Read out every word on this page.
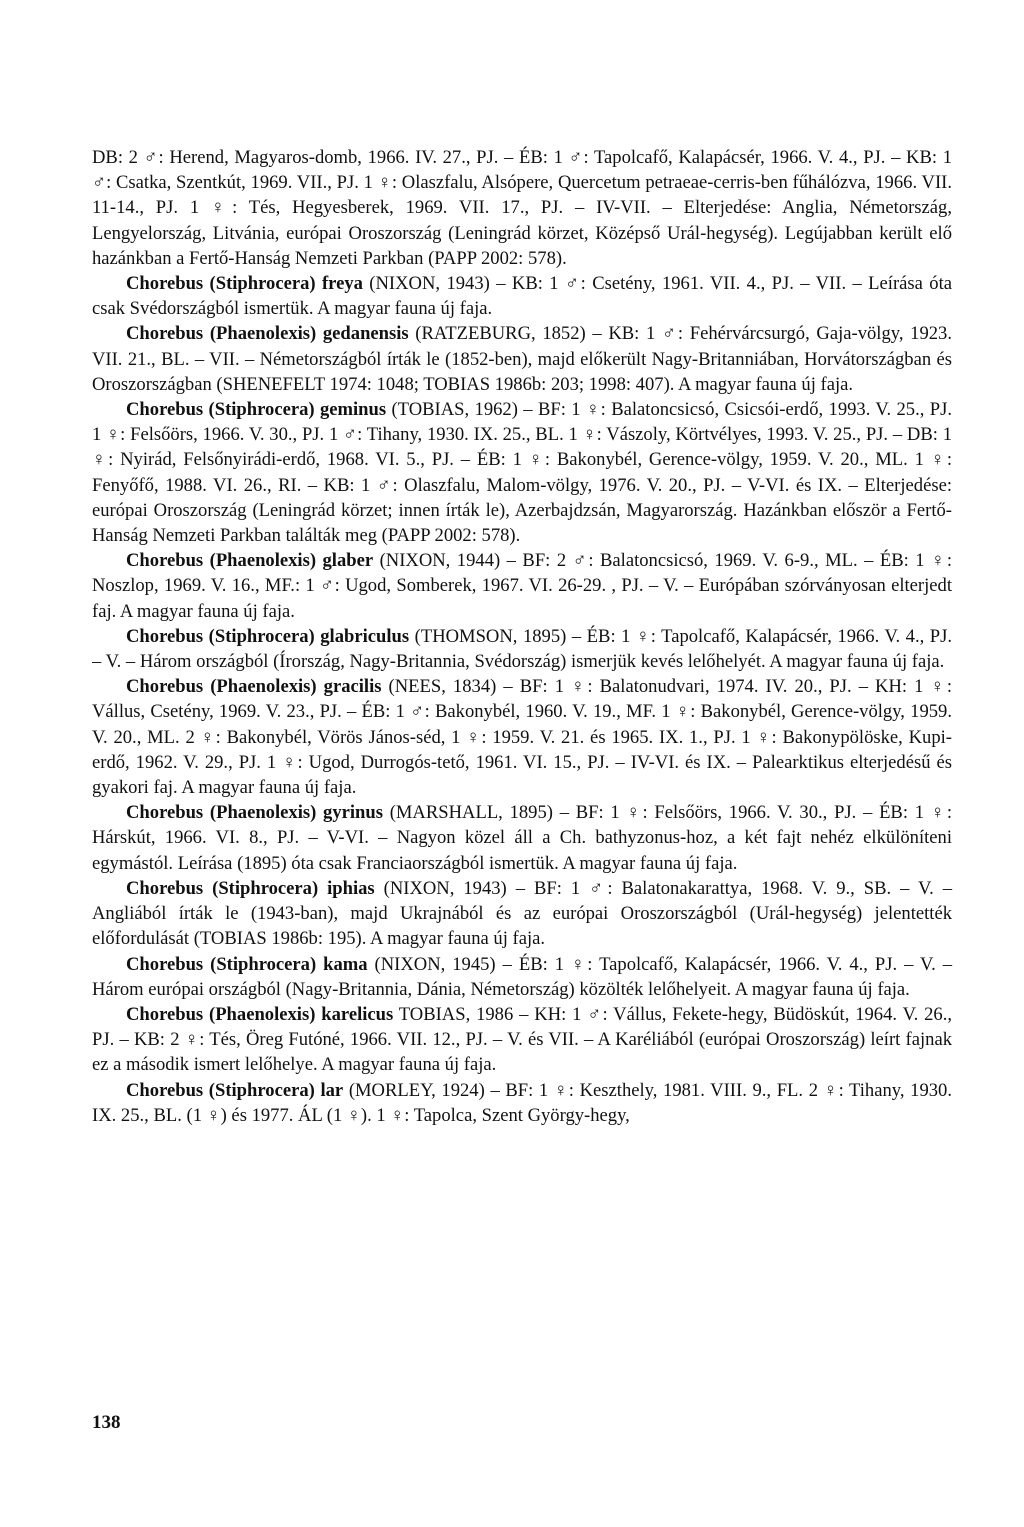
DB: 2 ♂: Herend, Magyaros-domb, 1966. IV. 27., PJ. – ÉB: 1 ♂: Tapolcafő, Kalapácsér, 1966. V. 4., PJ. – KB: 1 ♂: Csatka, Szentkút, 1969. VII., PJ. 1 ♀: Olaszfalu, Alsópere, Quercetum petraeae-cerris-ben fűhálózva, 1966. VII. 11-14., PJ. 1 ♀: Tés, Hegyesberek, 1969. VII. 17., PJ. – IV-VII. – Elterjedése: Anglia, Németország, Lengyelország, Litvánia, európai Oroszország (Leningrád körzet, Középső Urál-hegység). Legújabban került elő hazánkban a Fertő-Hanság Nemzeti Parkban (PAPP 2002: 578).

Chorebus (Stiphrocera) freya (NIXON, 1943) – KB: 1 ♂: Csetény, 1961. VII. 4., PJ. – VII. – Leírása óta csak Svédországból ismertük. A magyar fauna új faja.

Chorebus (Phaenolexis) gedanensis (RATZEBURG, 1852) – KB: 1 ♂: Fehérvárcsurgó, Gaja-völgy, 1923. VII. 21., BL. – VII. – Németországból írták le (1852-ben), majd előkerült Nagy-Britanniában, Horvátországban és Oroszországban (SHENEFELT 1974: 1048; TOBIAS 1986b: 203; 1998: 407). A magyar fauna új faja.

Chorebus (Stiphrocera) geminus (TOBIAS, 1962) – BF: 1 ♀: Balatoncsicsó, Csicsói-erdő, 1993. V. 25., PJ. 1 ♀: Felsőörs, 1966. V. 30., PJ. 1 ♂: Tihany, 1930. IX. 25., BL. 1 ♀: Vászoly, Körtvélyes, 1993. V. 25., PJ. – DB: 1 ♀: Nyirád, Felsőnyirádi-erdő, 1968. VI. 5., PJ. – ÉB: 1 ♀: Bakonybél, Gerence-völgy, 1959. V. 20., ML. 1 ♀: Fenyőfő, 1988. VI. 26., RI. – KB: 1 ♂: Olaszfalu, Malom-völgy, 1976. V. 20., PJ. – V-VI. és IX. – Elterjedése: európai Oroszország (Leningrád körzet; innen írták le), Azerbajdzsán, Magyarország. Hazánkban először a Fertő-Hanság Nemzeti Parkban találták meg (PAPP 2002: 578).

Chorebus (Phaenolexis) glaber (NIXON, 1944) – BF: 2 ♂: Balatoncsicsó, 1969. V. 6-9., ML. – ÉB: 1 ♀: Noszlop, 1969. V. 16., MF.: 1 ♂: Ugod, Somberek, 1967. VI. 26-29. , PJ. – V. – Európában szórványosan elterjedt faj. A magyar fauna új faja.

Chorebus (Stiphrocera) glabriculus (THOMSON, 1895) – ÉB: 1 ♀: Tapolcafő, Kalapácsér, 1966. V. 4., PJ. – V. – Három országból (Írország, Nagy-Britannia, Svédország) ismerjük kevés lelőhelyét. A magyar fauna új faja.

Chorebus (Phaenolexis) gracilis (NEES, 1834) – BF: 1 ♀: Balatonudvari, 1974. IV. 20., PJ. – KH: 1 ♀: Vállus, Csetény, 1969. V. 23., PJ. – ÉB: 1 ♂: Bakonybél, 1960. V. 19., MF. 1 ♀: Bakonybél, Gerence-völgy, 1959. V. 20., ML. 2 ♀: Bakonybél, Vörös János-séd, 1 ♀: 1959. V. 21. és 1965. IX. 1., PJ. 1 ♀: Bakonypölöske, Kupi-erdő, 1962. V. 29., PJ. 1 ♀: Ugod, Durrogós-tető, 1961. VI. 15., PJ. – IV-VI. és IX. – Palearktikus elterjedésű és gyakori faj. A magyar fauna új faja.

Chorebus (Phaenolexis) gyrinus (MARSHALL, 1895) – BF: 1 ♀: Felsőörs, 1966. V. 30., PJ. – ÉB: 1 ♀: Hárskút, 1966. VI. 8., PJ. – V-VI. – Nagyon közel áll a Ch. bathyzonus-hoz, a két fajt nehéz elkülöníteni egymástól. Leírása (1895) óta csak Franciaországból ismertük. A magyar fauna új faja.

Chorebus (Stiphrocera) iphias (NIXON, 1943) – BF: 1 ♂: Balatonakarattya, 1968. V. 9., SB. – V. – Angliából írták le (1943-ban), majd Ukrajnából és az európai Oroszországból (Urál-hegység) jelentették előfordulását (TOBIAS 1986b: 195). A magyar fauna új faja.

Chorebus (Stiphrocera) kama (NIXON, 1945) – ÉB: 1 ♀: Tapolcafő, Kalapácsér, 1966. V. 4., PJ. – V. – Három európai országból (Nagy-Britannia, Dánia, Németország) közölték lelőhelyeit. A magyar fauna új faja.

Chorebus (Phaenolexis) karelicus TOBIAS, 1986 – KH: 1 ♂: Vállus, Fekete-hegy, Büdöskút, 1964. V. 26., PJ. – KB: 2 ♀: Tés, Öreg Futóné, 1966. VII. 12., PJ. – V. és VII. – A Karéliából (európai Oroszország) leírt fajnak ez a második ismert lelőhelye. A magyar fauna új faja.

Chorebus (Stiphrocera) lar (MORLEY, 1924) – BF: 1 ♀: Keszthely, 1981. VIII. 9., FL. 2 ♀: Tihany, 1930. IX. 25., BL. (1 ♀) és 1977. ÁL (1 ♀). 1 ♀: Tapolca, Szent György-hegy,

138
